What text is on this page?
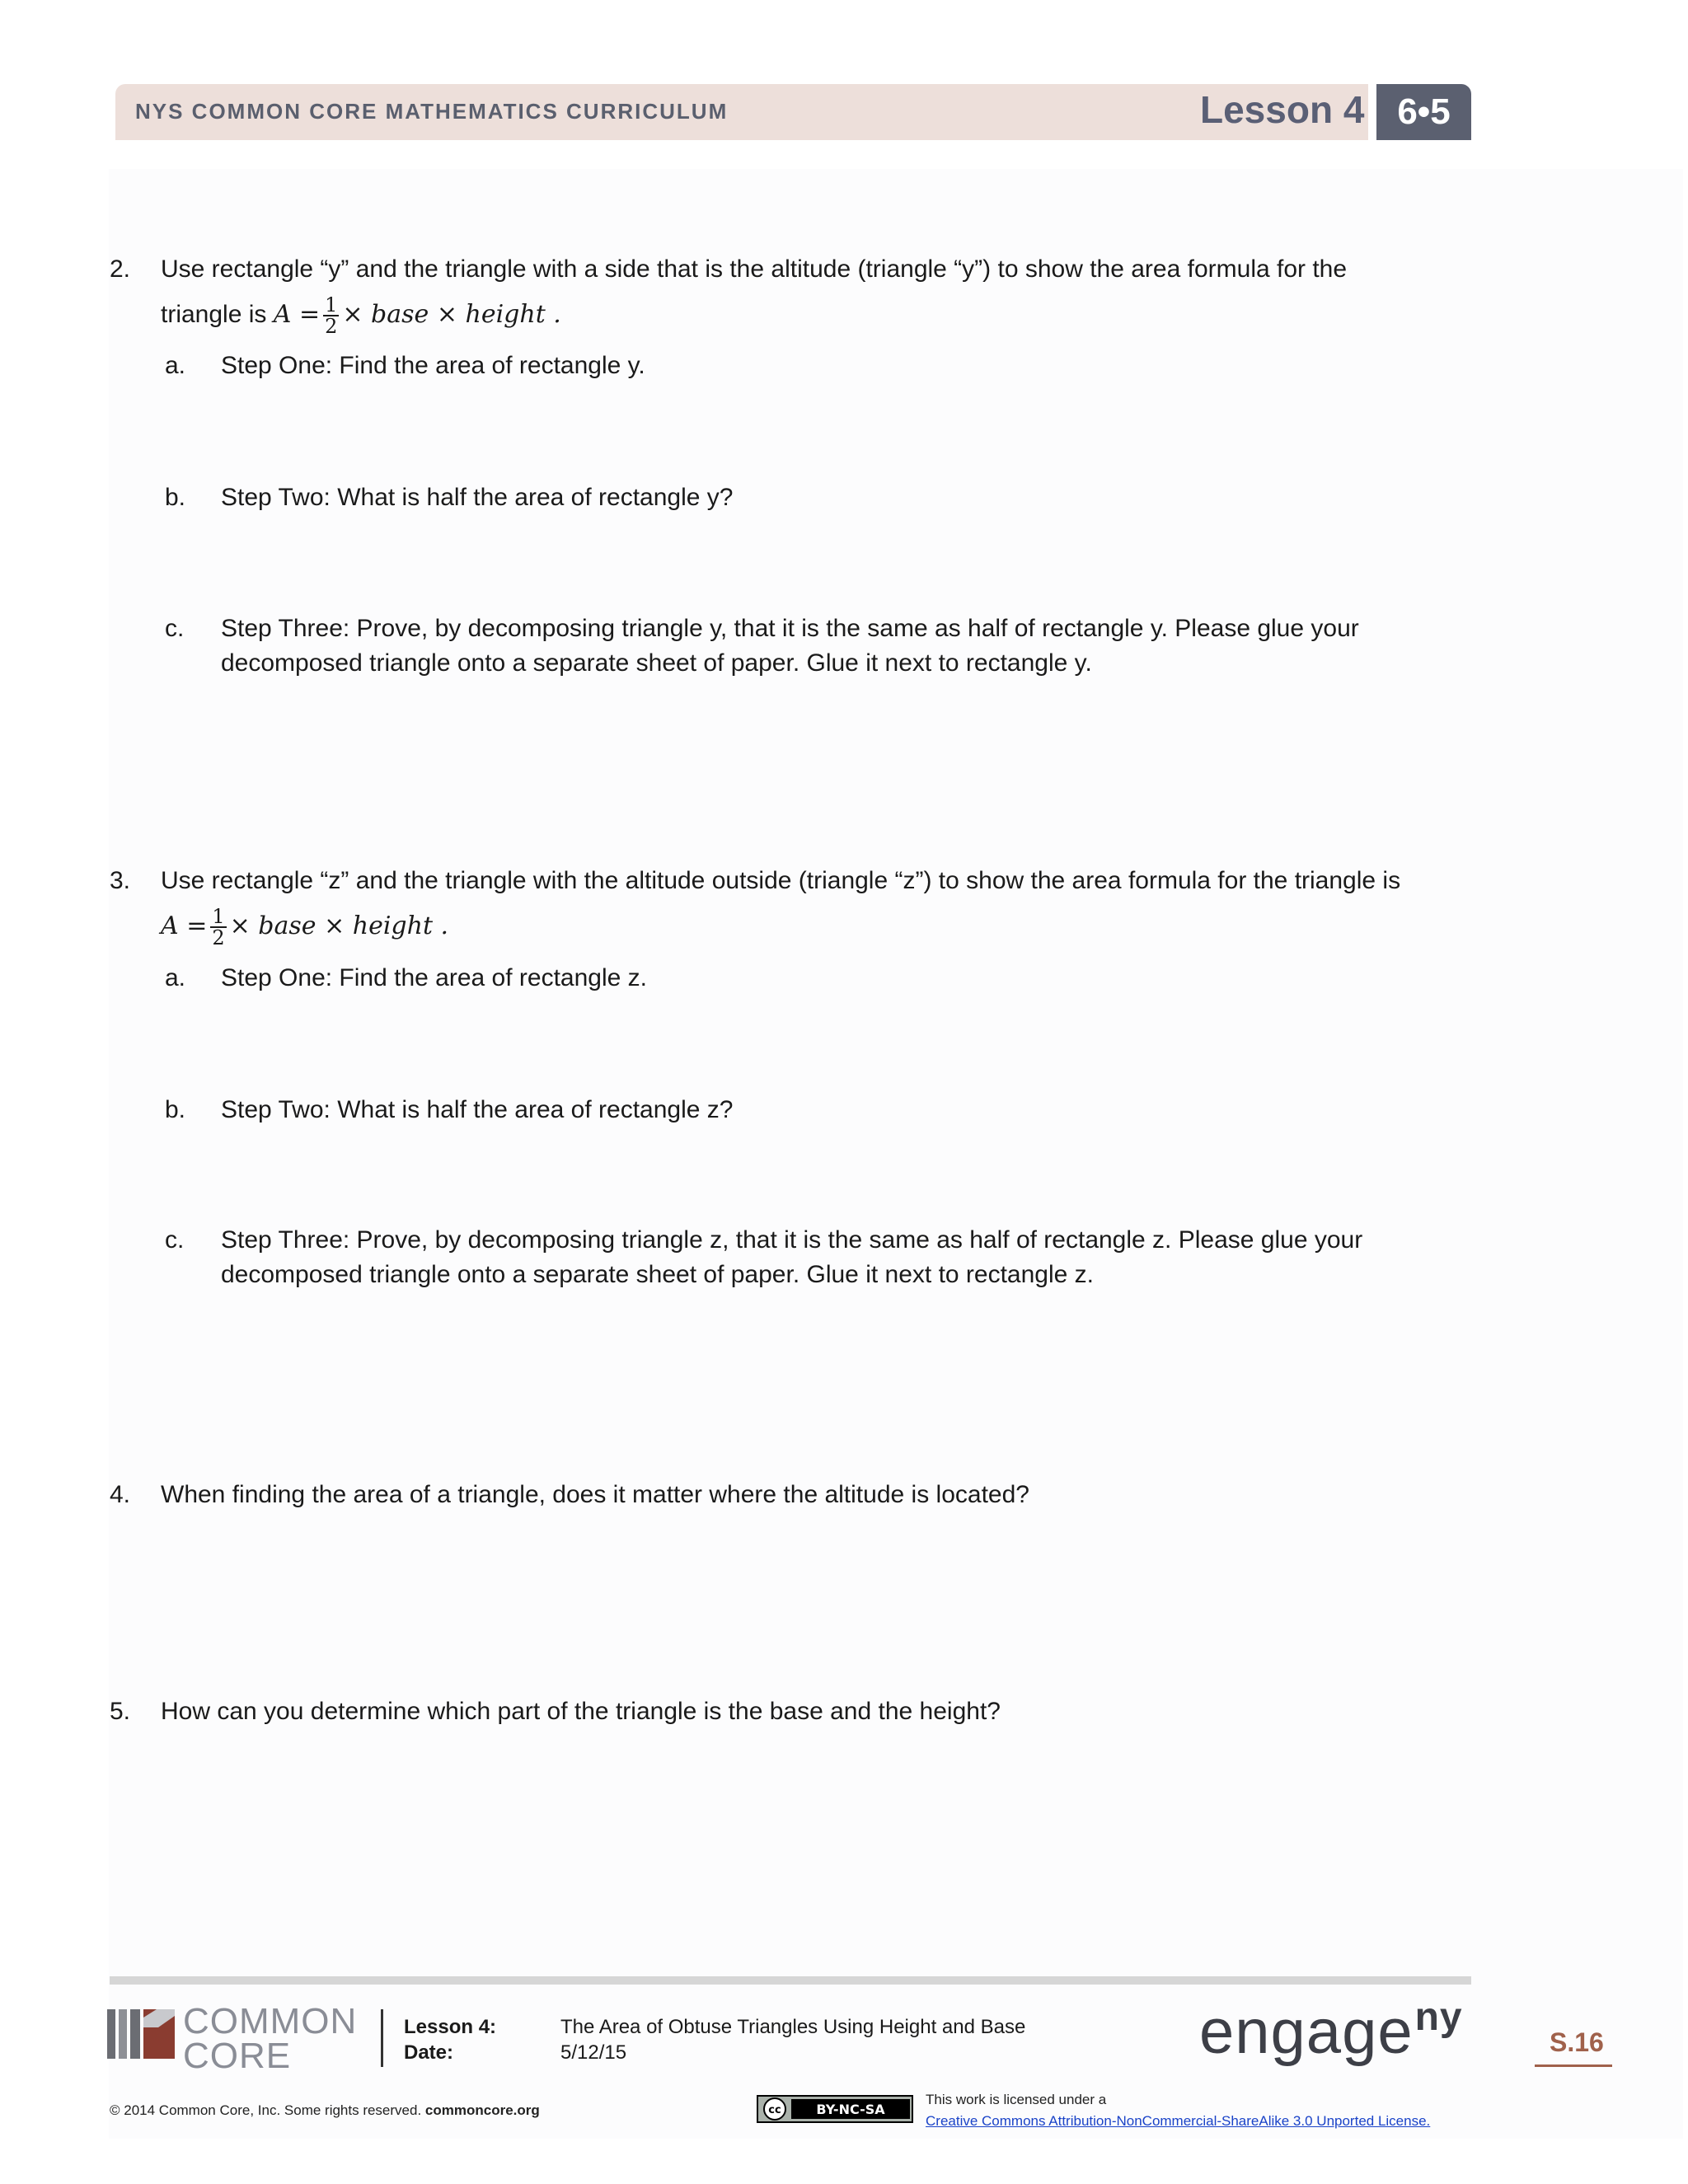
NYS COMMON CORE MATHEMATICS CURRICULUM	Lesson 4 6•5
2. Use rectangle “y” and the triangle with a side that is the altitude (triangle “y”) to show the area formula for the
triangle is $A = \frac{1}{2}$ × base × height .
a. Step One: Find the area of rectangle y.
b. Step Two: What is half the area of rectangle y?
c. Step Three: Prove, by decomposing triangle y, that it is the same as half of rectangle y. Please glue your
decomposed triangle onto a separate sheet of paper. Glue it next to rectangle y.
3. Use rectangle “z” and the triangle with the altitude outside (triangle “z”) to show the area formula for the triangle is
$A = \frac{1}{2}$ × base × height .
a. Step One: Find the area of rectangle z.
b. Step Two: What is half the area of rectangle z?
c. Step Three: Prove, by decomposing triangle z, that it is the same as half of rectangle z. Please glue your
decomposed triangle onto a separate sheet of paper. Glue it next to rectangle z.
4. When finding the area of a triangle, does it matter where the altitude is located?
5. How can you determine which part of the triangle is the base and the height?
COMMON
CORE
Lesson 4:
Date:
The Area of Obtuse Triangles Using Height and Base
5/12/15
© 2014 Common Core, Inc. Some rights reserved. commoncore.org	cc	BY-NC-SA
This work is licensed under a
Creative Commons Attribution-NonCommercial-ShareAlike 3.0 Unported License.
engage$^{ny}$
S.16
